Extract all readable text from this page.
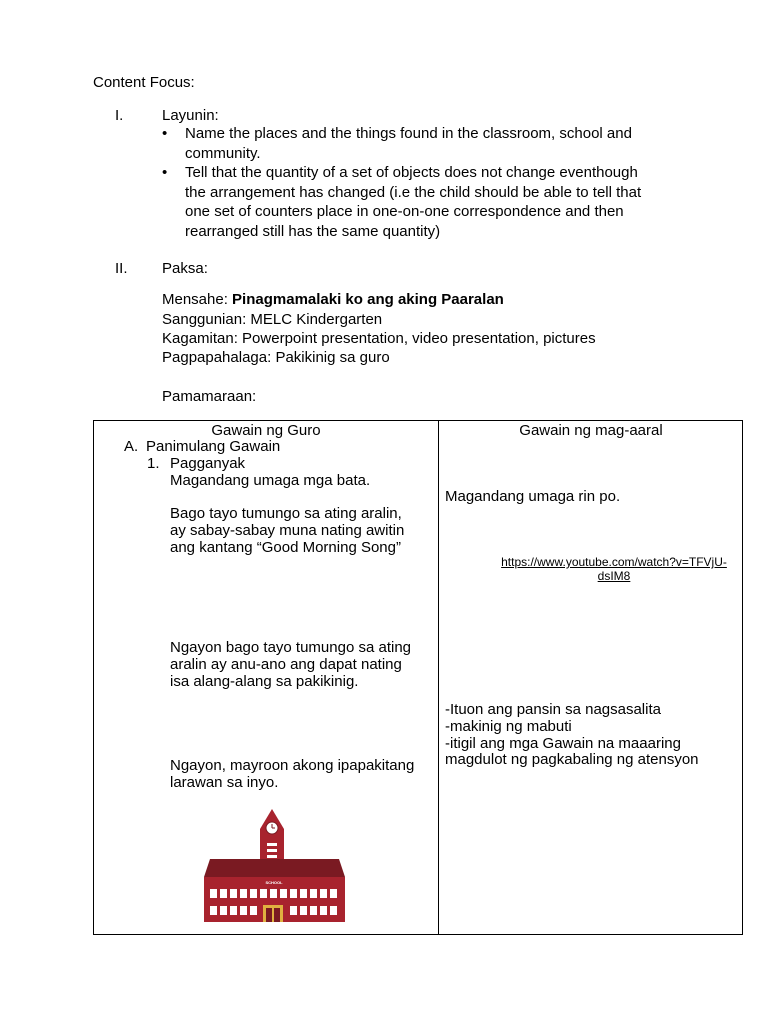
Content Focus:
I.	Layunin:
• Name the places and the things found in the classroom, school and
community.
• Tell that the quantity of a set of objects does not change eventhough
the arrangement has changed (i.e the child should be able to tell that
one set of counters place in one-on-one correspondence and then
rearranged still has the same quantity)
II. Paksa:
Mensahe: Pinagmamalaki ko ang aking Paaralan
Sanggunian: MELC Kindergarten
Kagamitan: Powerpoint presentation, video presentation, pictures
Pagpapahalaga: Pakikinig sa guro
Pamamaraan:
Gawain ng Guro	Gawain ng mag-aaral
A. Panimulang Gawain
1. Pagganyak
Magandang umaga mga bata.
Bago tayo tumungo sa ating aralin,
ay sabay-sabay muna nating awitin
ang kantang “Good Morning Song”
Ngayon bago tayo tumungo sa ating
aralin ay anu-ano ang dapat nating
isa alang-alang sa pakikinig.
Ngayon, mayroon akong ipapakitang
larawan sa inyo.
SCHOOL
Magandang umaga rin po.
https://www.youtube.com/watch?v=TFVjU-
dsIM8
-Ituon ang pansin sa nagsasalita
-makinig ng mabuti
-itigil ang mga Gawain na maaaring
magdulot ng pagkabaling ng atensyon
